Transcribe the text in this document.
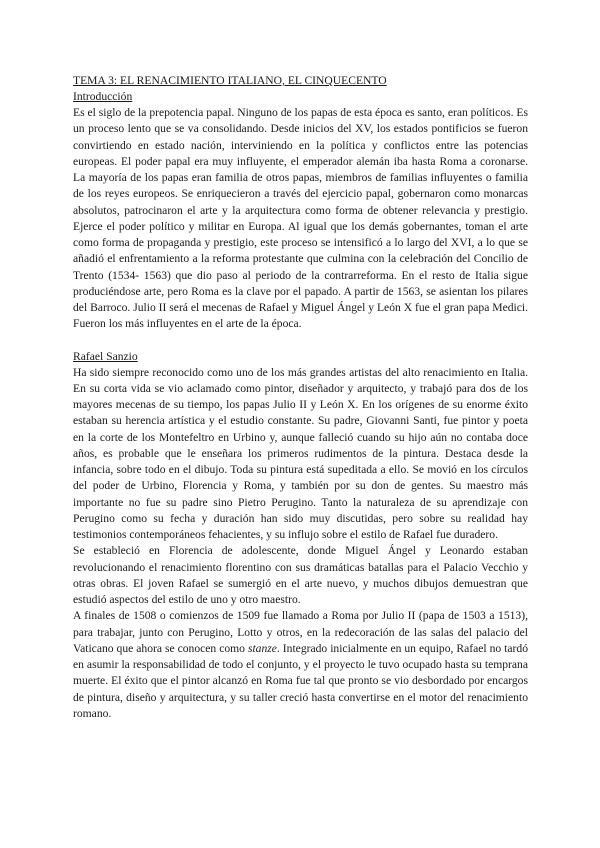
TEMA 3: EL RENACIMIENTO ITALIANO, EL CINQUECENTO
Introducción

Es el siglo de la prepotencia papal. Ninguno de los papas de esta época es santo, eran políticos. Es un proceso lento que se va consolidando. Desde inicios del XV, los estados pontificios se fueron convirtiendo en estado nación, interviniendo en la política y conflictos entre las potencias europeas. El poder papal era muy influyente, el emperador alemán iba hasta Roma a coronarse. La mayoría de los papas eran familia de otros papas, miembros de familias influyentes o familia de los reyes europeos. Se enriquecieron a través del ejercicio papal, gobernaron como monarcas absolutos, patrocinaron el arte y la arquitectura como forma de obtener relevancia y prestigio. Ejerce el poder político y militar en Europa. Al igual que los demás gobernantes, toman el arte como forma de propaganda y prestigio, este proceso se intensificó a lo largo del XVI, a lo que se añadió el enfrentamiento a la reforma protestante que culmina con la celebración del Concilio de Trento (1534- 1563) que dio paso al periodo de la contrarreforma. En el resto de Italia sigue produciéndose arte, pero Roma es la clave por el papado. A partir de 1563, se asientan los pilares del Barroco. Julio II será el mecenas de Rafael y Miguel Ángel y León X fue el gran papa Medici. Fueron los más influyentes en el arte de la época.

Rafael Sanzio

Ha sido siempre reconocido como uno de los más grandes artistas del alto renacimiento en Italia. En su corta vida se vio aclamado como pintor, diseñador y arquitecto, y trabajó para dos de los mayores mecenas de su tiempo, los papas Julio II y León X. En los orígenes de su enorme éxito estaban su herencia artística y el estudio constante. Su padre, Giovanni Santi, fue pintor y poeta en la corte de los Montefeltro en Urbino y, aunque falleció cuando su hijo aún no contaba doce años, es probable que le enseñara los primeros rudimentos de la pintura. Destaca desde la infancia, sobre todo en el dibujo. Toda su pintura está supeditada a ello. Se movió en los círculos del poder de Urbino, Florencia y Roma, y también por su don de gentes. Su maestro más importante no fue su padre sino Pietro Perugino. Tanto la naturaleza de su aprendizaje con Perugino como su fecha y duración han sido muy discutidas, pero sobre su realidad hay testimonios contemporáneos fehacientes, y su influjo sobre el estilo de Rafael fue duradero.

Se estableció en Florencia de adolescente, donde Miguel Ángel y Leonardo estaban revolucionando el renacimiento florentino con sus dramáticas batallas para el Palacio Vecchio y otras obras. El joven Rafael se sumergió en el arte nuevo, y muchos dibujos demuestran que estudió aspectos del estilo de uno y otro maestro.

A finales de 1508 o comienzos de 1509 fue llamado a Roma por Julio II (papa de 1503 a 1513), para trabajar, junto con Perugino, Lotto y otros, en la redecoración de las salas del palacio del Vaticano que ahora se conocen como stanze. Integrado inicialmente en un equipo, Rafael no tardó en asumir la responsabilidad de todo el conjunto, y el proyecto le tuvo ocupado hasta su temprana muerte. El éxito que el pintor alcanzó en Roma fue tal que pronto se vio desbordado por encargos de pintura, diseño y arquitectura, y su taller creció hasta convertirse en el motor del renacimiento romano.
